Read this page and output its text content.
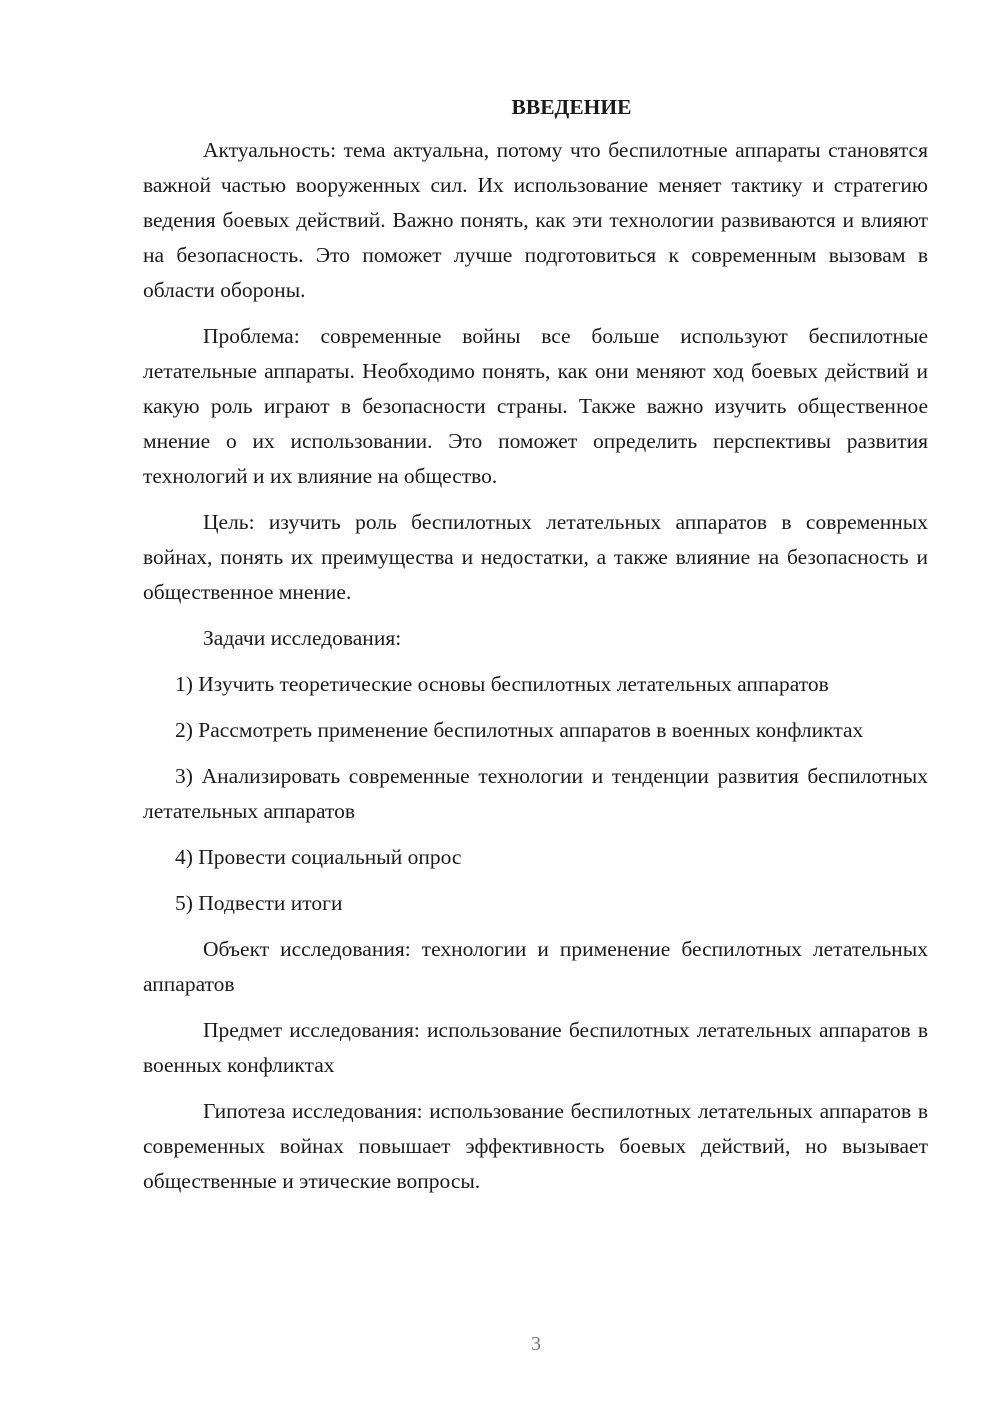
ВВЕДЕНИЕ

Актуальность: тема актуальна, потому что беспилотные аппараты становятся важной частью вооруженных сил. Их использование меняет тактику и стратегию ведения боевых действий. Важно понять, как эти технологии развиваются и влияют на безопасность. Это поможет лучше подготовиться к современным вызовам в области обороны.

Проблема: современные войны все больше используют беспилотные летательные аппараты. Необходимо понять, как они меняют ход боевых действий и какую роль играют в безопасности страны. Также важно изучить общественное мнение о их использовании. Это поможет определить перспективы развития технологий и их влияние на общество.

Цель: изучить роль беспилотных летательных аппаратов в современных войнах, понять их преимущества и недостатки, а также влияние на безопасность и общественное мнение.

Задачи исследования:

1) Изучить теоретические основы беспилотных летательных аппаратов

2) Рассмотреть применение беспилотных аппаратов в военных конфликтах

3) Анализировать современные технологии и тенденции развития беспилотных летательных аппаратов

4) Провести социальный опрос

5) Подвести итоги

Объект исследования: технологии и применение беспилотных летательных аппаратов

Предмет исследования: использование беспилотных летательных аппаратов в военных конфликтах

Гипотеза исследования: использование беспилотных летательных аппаратов в современных войнах повышает эффективность боевых действий, но вызывает общественные и этические вопросы.

3
